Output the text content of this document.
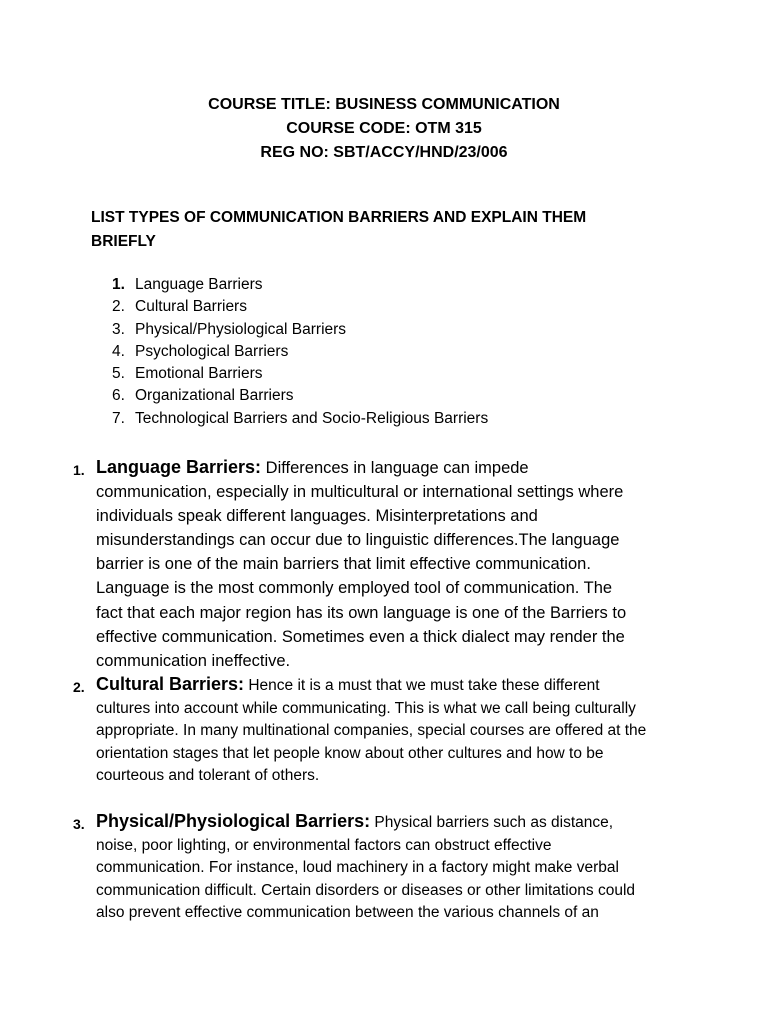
COURSE TITLE: BUSINESS COMMUNICATION
COURSE CODE: OTM 315
REG NO: SBT/ACCY/HND/23/006
LIST TYPES OF COMMUNICATION BARRIERS AND EXPLAIN THEM
BRIEFLY
1. Language Barriers
2. Cultural Barriers
3. Physical/Physiological Barriers
4. Psychological Barriers
5. Emotional Barriers
6. Organizational Barriers
7. Technological Barriers and Socio-Religious Barriers
1. Language Barriers: Differences in language can impede
communication, especially in multicultural or international settings where
individuals speak different languages. Misinterpretations and
misunderstandings can occur due to linguistic differences.The language
barrier is one of the main barriers that limit effective communication.
Language is the most commonly employed tool of communication. The
fact that each major region has its own language is one of the Barriers to
effective communication. Sometimes even a thick dialect may render the
communication ineffective.
2. Cultural Barriers: Hence it is a must that we must take these different
cultures into account while communicating. This is what we call being culturally
appropriate. In many multinational companies, special courses are offered at the
orientation stages that let people know about other cultures and how to be
courteous and tolerant of others.
3. Physical/Physiological Barriers: Physical barriers such as distance,
noise, poor lighting, or environmental factors can obstruct effective
communication. For instance, loud machinery in a factory might make verbal
communication difficult. Certain disorders or diseases or other limitations could
also prevent effective communication between the various channels of an
